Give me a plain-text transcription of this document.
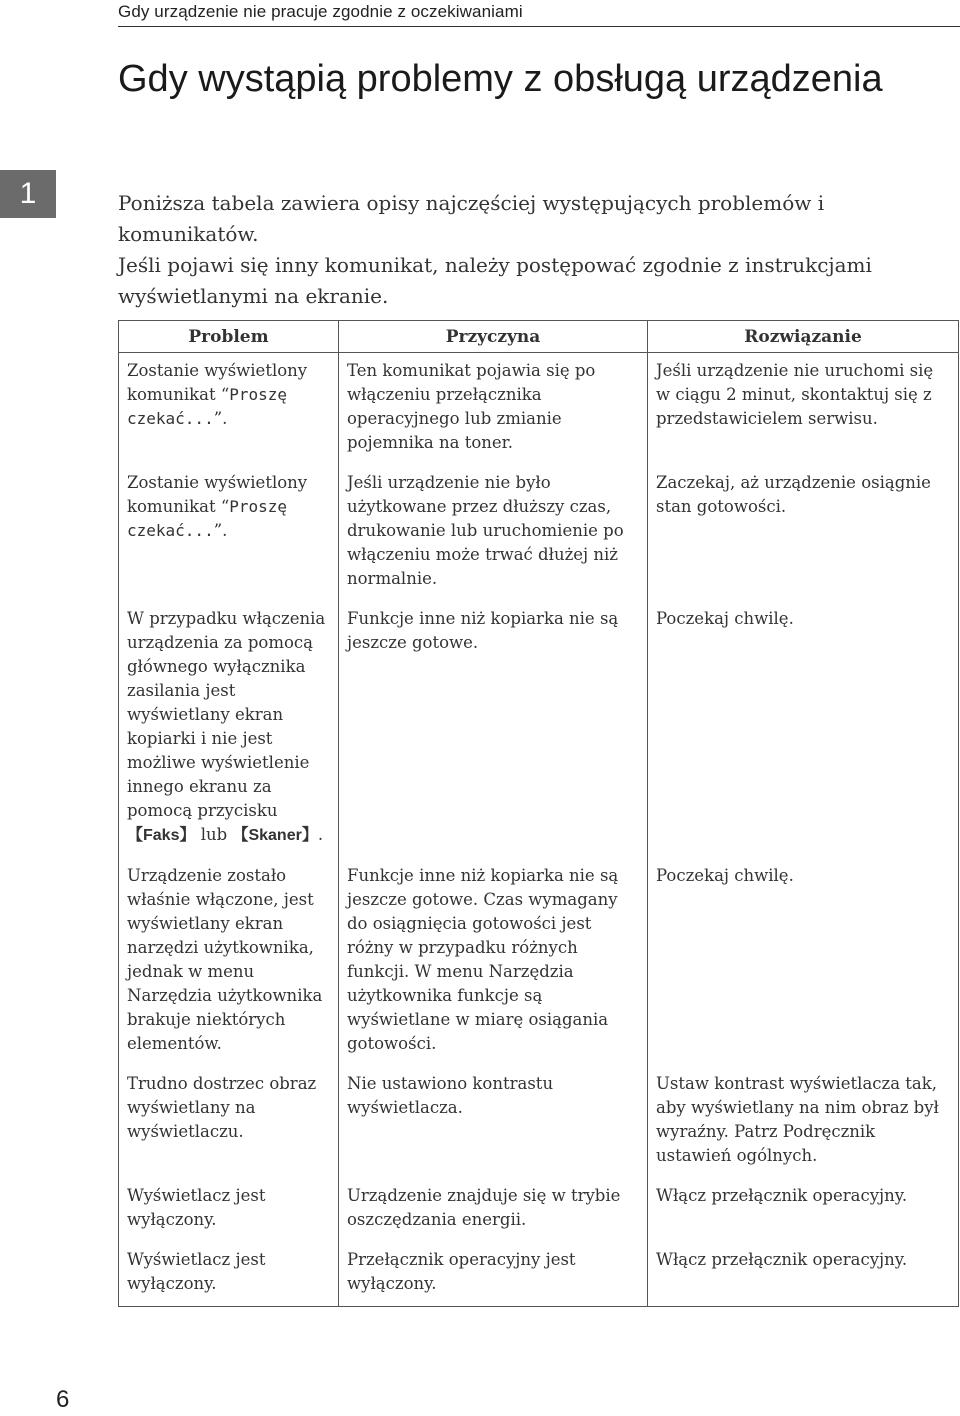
Gdy urządzenie nie pracuje zgodnie z oczekiwaniami
1
Gdy wystąpią problemy z obsługą urządzenia

Poniższa tabela zawiera opisy najczęściej występujących problemów i komunikatów.

Jeśli pojawi się inny komunikat, należy postępować zgodnie z instrukcjami wyświetlanymi na ekranie.

Problem	Przyczyna	Rozwiązanie
Zostanie wyświetlony komunikat “Proszę czekać...”.	Ten komunikat pojawia się po włączeniu przełącznika operacyjnego lub zmianie pojemnika na toner.	Jeśli urządzenie nie uruchomi się w ciągu 2 minut, skontaktuj się z przedstawicielem serwisu.
Zostanie wyświetlony komunikat “Proszę czekać...”.	Jeśli urządzenie nie było użytkowane przez dłuższy czas, drukowanie lub uruchomienie po włączeniu może trwać dłużej niż normalnie.	Zaczekaj, aż urządzenie osiągnie stan gotowości.
W przypadku włączenia urządzenia za pomocą głównego wyłącznika zasilania jest wyświetlany ekran kopiarki i nie jest możliwe wyświetlenie innego ekranu za pomocą przycisku 【Faks】 lub 【Skaner】.	Funkcje inne niż kopiarka nie są jeszcze gotowe.	Poczekaj chwilę.
Urządzenie zostało właśnie włączone, jest wyświetlany ekran narzędzi użytkownika, jednak w menu Narzędzia użytkownika brakuje niektórych elementów.	Funkcje inne niż kopiarka nie są jeszcze gotowe. Czas wymagany do osiągnięcia gotowości jest różny w przypadku różnych funkcji. W menu Narzędzia użytkownika funkcje są wyświetlane w miarę osiągania gotowości.	Poczekaj chwilę.
Trudno dostrzec obraz wyświetlany na wyświetlaczu.	Nie ustawiono kontrastu wyświetlacza.	Ustaw kontrast wyświetlacza tak, aby wyświetlany na nim obraz był wyraźny. Patrz Podręcznik ustawień ogólnych.
Wyświetlacz jest wyłączony.	Urządzenie znajduje się w trybie oszczędzania energii.	Włącz przełącznik operacyjny.
Wyświetlacz jest wyłączony.	Przełącznik operacyjny jest wyłączony.	Włącz przełącznik operacyjny.
6
